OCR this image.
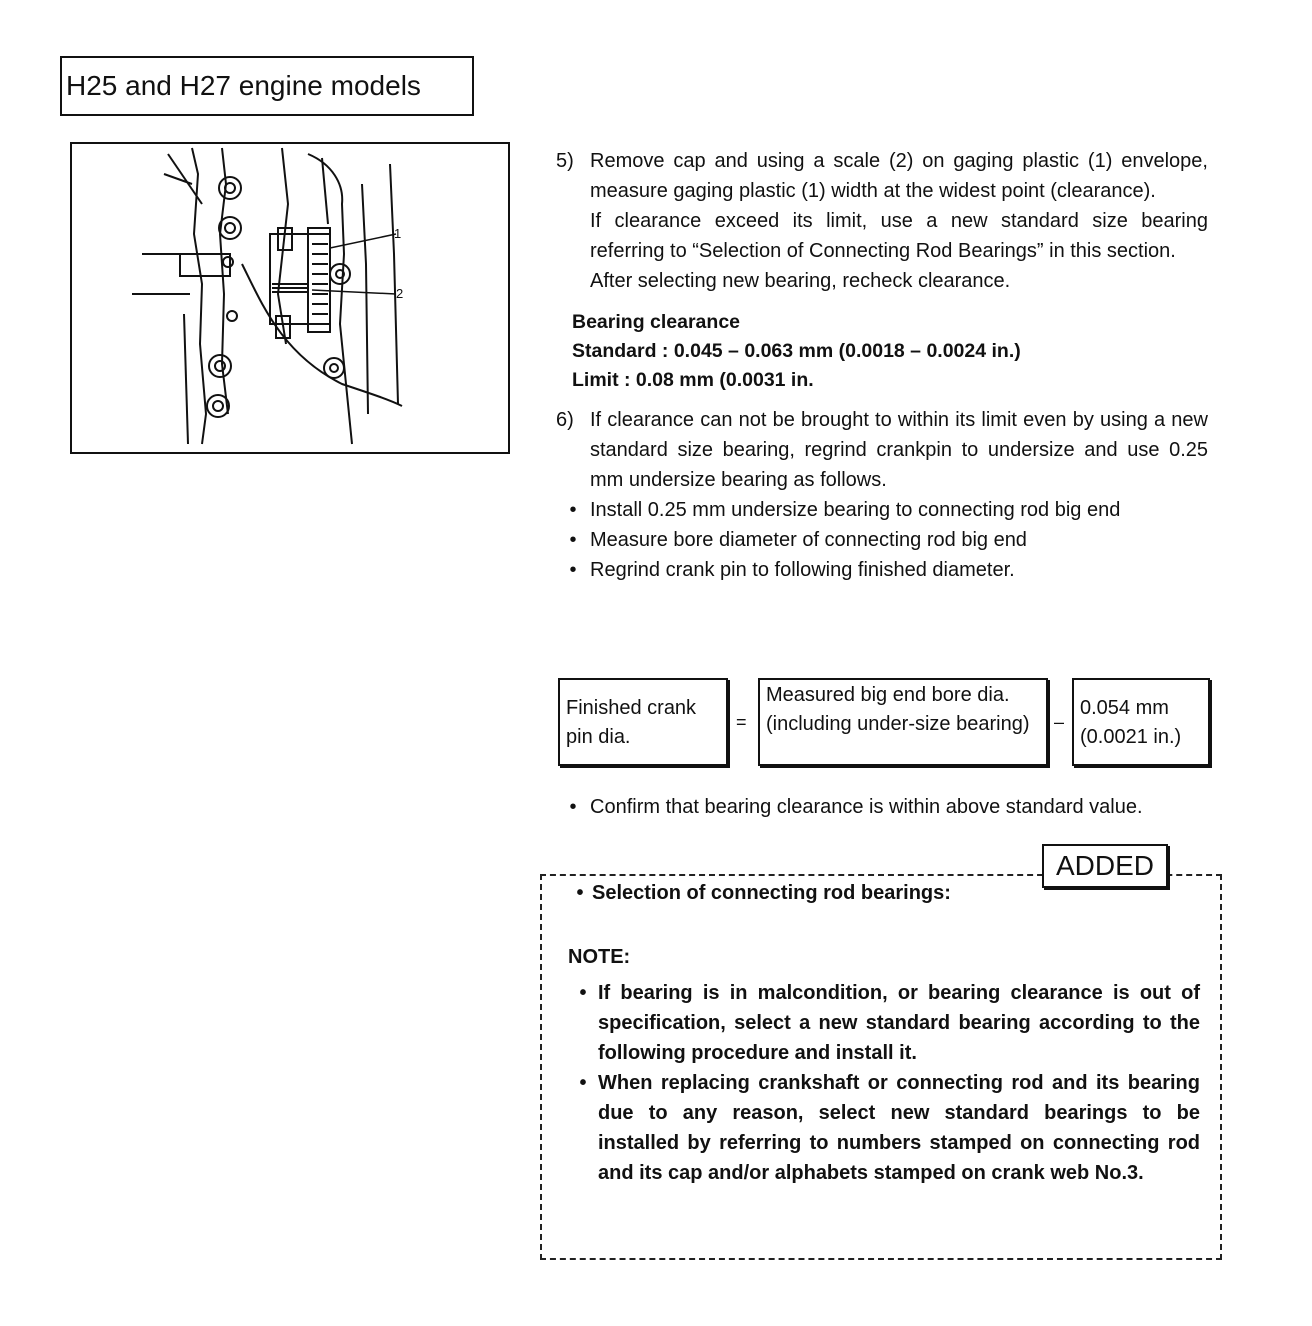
H25 and H27 engine models
1
2
5) Remove cap and using a scale (2) on gaging plastic (1) envelope, measure gaging plastic (1) width at the widest point (clearance).

If clearance exceed its limit, use a new standard size bearing referring to “Selection of Connecting Rod Bearings” in this section.

After selecting new bearing, recheck clearance.

Bearing clearance
Standard : 0.045 – 0.063 mm (0.0018 – 0.0024 in.)
Limit : 0.08 mm (0.0031 in.
6) If clearance can not be brought to within its limit even by using a new standard size bearing, regrind crankpin to undersize and use 0.25 mm undersize bearing as follows.

• Install 0.25 mm undersize bearing to connecting rod big end
• Measure bore diameter of connecting rod big end
• Regrind crank pin to following finished diameter.
Finished crank pin dia.
=
Measured big end bore dia. (including under-size bearing)	–
0.054 mm (0.0021 in.)
• Confirm that bearing clearance is within above standard value.
ADDED
• Selection of connecting rod bearings:
NOTE:
• If bearing is in malcondition, or bearing clearance is out of specification, select a new standard bearing according to the following procedure and install it.
• When replacing crankshaft or connecting rod and its bearing due to any reason, select new standard bearings to be installed by referring to numbers stamped on connecting rod and its cap and/or alphabets stamped on crank web No.3.
